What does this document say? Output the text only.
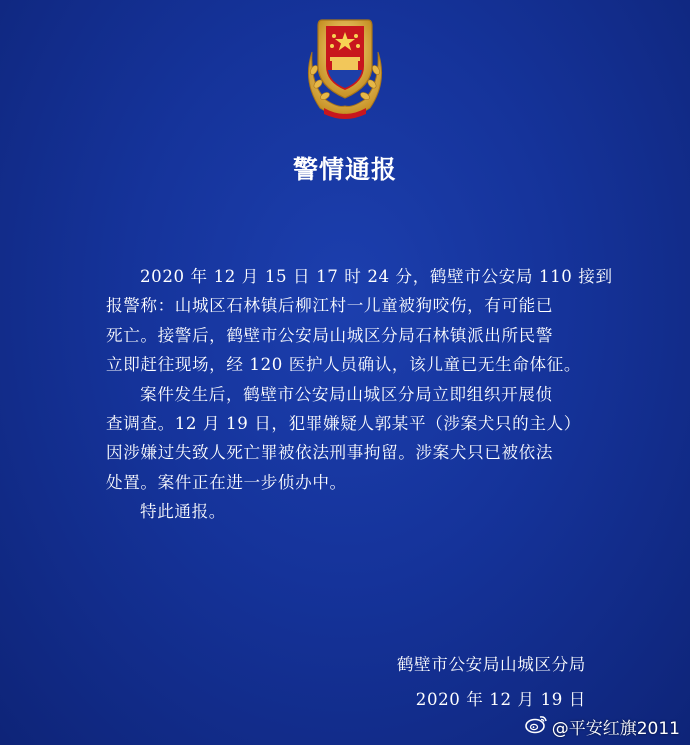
警情通报
2020 年 12 月 15 日 17 时 24 分，鹤壁市公安局 110 接到
报警称：山城区石林镇后柳江村一儿童被狗咬伤，有可能已
死亡。接警后，鹤壁市公安局山城区分局石林镇派出所民警
立即赶往现场，经 120 医护人员确认，该儿童已无生命体征。
案件发生后，鹤壁市公安局山城区分局立即组织开展侦
查调查。12 月 19 日，犯罪嫌疑人郭某平（涉案犬只的主人）
因涉嫌过失致人死亡罪被依法刑事拘留。涉案犬只已被依法
处置。案件正在进一步侦办中。
特此通报。
鹤壁市公安局山城区分局
2020 年 12 月 19 日
@平安红旗2011
